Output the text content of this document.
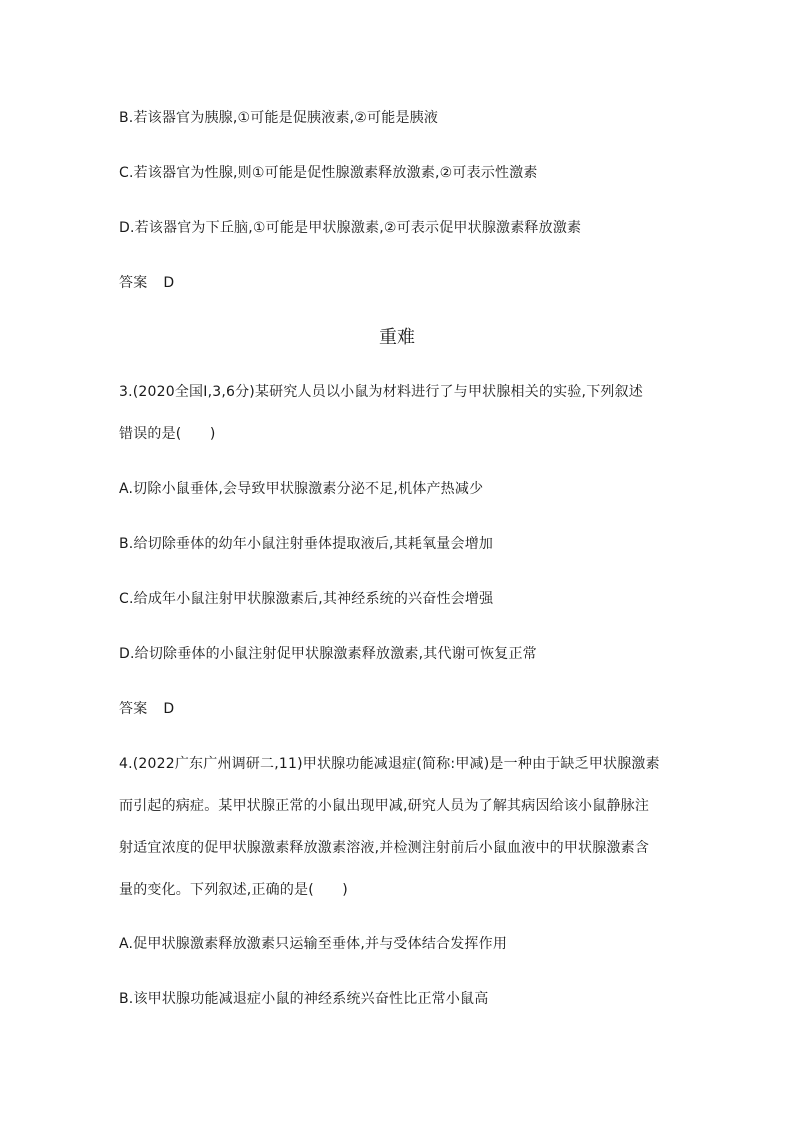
B.若该器官为胰腺,①可能是促胰液素,②可能是胰液
C.若该器官为性腺,则①可能是促性腺激素释放激素,②可表示性激素
D.若该器官为下丘脑,①可能是甲状腺激素,②可表示促甲状腺激素释放激素
答案 D
重难
3.(2020全国Ⅰ,3,6分)某研究人员以小鼠为材料进行了与甲状腺相关的实验,下列叙述
错误的是(　　)
A.切除小鼠垂体,会导致甲状腺激素分泌不足,机体产热减少
B.给切除垂体的幼年小鼠注射垂体提取液后,其耗氧量会增加
C.给成年小鼠注射甲状腺激素后,其神经系统的兴奋性会增强
D.给切除垂体的小鼠注射促甲状腺激素释放激素,其代谢可恢复正常
答案 D
4.(2022广东广州调研二,11)甲状腺功能减退症(简称:甲减)是一种由于缺乏甲状腺激素
而引起的病症。某甲状腺正常的小鼠出现甲减,研究人员为了解其病因给该小鼠静脉注
射适宜浓度的促甲状腺激素释放激素溶液,并检测注射前后小鼠血液中的甲状腺激素含
量的变化。下列叙述,正确的是(　　)
A.促甲状腺激素释放激素只运输至垂体,并与受体结合发挥作用
B.该甲状腺功能减退症小鼠的神经系统兴奋性比正常小鼠高
